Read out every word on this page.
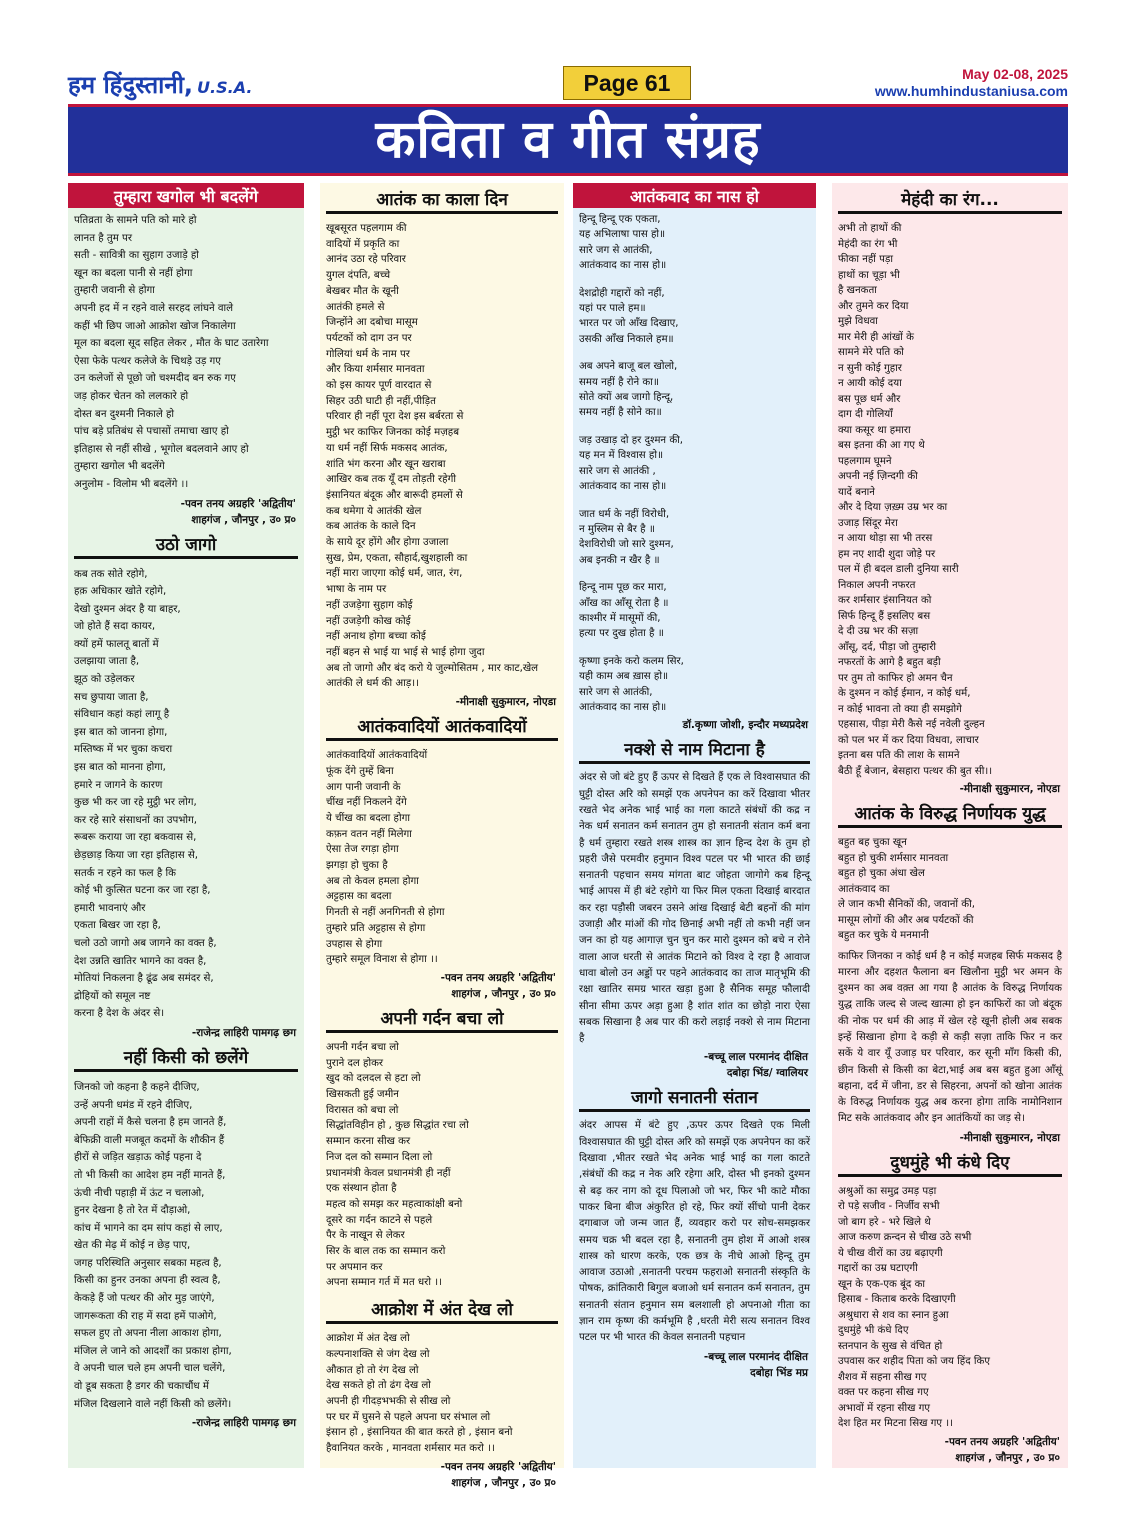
हम हिंदुस्तानी, U.S.A.	Page 61	May 02-08, 2025
www.humhindustaniusa.com
कविता व गीत संग्रह
तुम्हारा खगोल भी बदलेंगे
पतिव्रता के सामने पति को मारे हो
लानत है तुम पर
सती - सावित्री का सुहाग उजाड़े हो
खून का बदला पानी से नहीं होगा
तुम्हारी जवानी से होगा
अपनी हद में न रहने वाले सरहद लांघने वाले
कहीं भी छिप जाओ आक्रोश खोज निकालेगा
मूल का बदला सूद सहित लेकर , मौत के घाट उतारेगा
ऐसा फेके पत्थर कलेजे के चिथड़े उड़ गए
उन कलेजों से पूछो जो चश्मदीद बन रुक गए
जड़ होकर चेतन को ललकारे हो
दोस्त बन दुश्मनी निकाले हो
पांच बड़े प्रतिबंध से पचासों तमाचा खाए हो
इतिहास से नहीं सीखे , भूगोल बदलवाने आए हो
तुम्हारा खगोल भी बदलेंगे
अनुलोम - विलोम भी बदलेंगे ।।
-पवन तनय अग्रहरि 'अद्वितीय'
शाहगंज , जौनपुर , उ० प्र०
उठो जागो
कब तक सोते रहोगे,
हक़ अधिकार खोते रहोगे,
देखो दुश्मन अंदर है या बाहर,
जो होते हैं सदा कायर,
क्यों हमें फालतू बातों में
उलझाया जाता है,
झूठ को उड़ेलकर
सच छुपाया जाता है,
संविधान कहां कहां लागू है
इस बात को जानना होगा,
मस्तिष्क में भर चुका कचरा
इस बात को मानना होगा,
हमारे न जागने के कारण
कुछ भी कर जा रहे मुट्ठी भर लोग,
कर रहे सारे संसाधनों का उपभोग,
रूबरू कराया जा रहा बकवास से,
छेड़छाड़ किया जा रहा इतिहास से,
सतर्क न रहने का फल है कि
कोई भी कुत्सित घटना कर जा रहा है,
हमारी भावनाएं और
एकता बिखर जा रहा है,
चलो उठो जागो अब जागने का वक्त है,
देश उन्नति खातिर भागने का वक्त है,
मोतियां निकलना है ढूंढ अब समंदर से,
द्रोहियों को समूल नष्ट
करना है देश के अंदर से।
-राजेन्द्र लाहिरी पामगढ़ छग
नहीं किसी को छलेंगे
जिनको जो कहना है कहने दीजिए,
उन्हें अपनी धमंड में रहने दीजिए,
अपनी राहों में कैसे चलना है हम जानते हैं,
बेफिक्री वाली मजबूत कदमों के शौकीन हैं
हीरों से जड़ित खड़ाऊ कोई पहना दे
तो भी किसी का आदेश हम नहीं मानते हैं,
ऊंची नीची पहाड़ी में ऊंट न चलाओ,
हुनर देखना है तो रेत में दौड़ाओ,
कांच में भागने का दम सांप कहां से लाए,
खेत की मेढ़ में कोई न छेड़ पाए,
जगह परिस्थिति अनुसार सबका महत्व है,
किसी का हुनर उनका अपना ही स्वत्व है,
केकड़े हैं जो पत्थर की ओर मुड़ जाएंगे,
जागरूकता की राह में सदा हमें पाओगे,
सफल हुए तो अपना नीला आकाश होगा,
मंजिल ले जाने को आदर्शों का प्रकाश होगा,
वे अपनी चाल चले हम अपनी चाल चलेंगे,
वो डूब सकता है डगर की चकाचौंध में
मंजिल दिखलाने वाले नहीं किसी को छलेंगे।
-राजेन्द्र लाहिरी पामगढ़ छग
आतंक का काला दिन
खूबसूरत पहलगाम की
वादियों में प्रकृति का
आनंद उठा रहे परिवार
युगल दंपति, बच्चे
बेखबर मौत के खूनी
आतंकी हमले से
जिन्होंने आ दबोचा मासूम
पर्यटकों को दाग उन पर
गोलियां धर्म के नाम पर
और किया शर्मसार मानवता
को इस कायर पूर्ण वारदात से
सिहर उठी घाटी ही नहीं,पीड़ित
परिवार ही नहीं पूरा देश इस बर्बरता से
मुट्ठी भर काफिर जिनका कोई मज़हब
या धर्म नहीं सिर्फ मकसद आतंक,
शांति भंग करना और खून खराबा
आखिर कब तक यूँ दम तोड़ती रहेगी
इंसानियत बंदूक और बारूदी हमलों से
कब थमेगा ये आतंकी खेल
कब आतंक के काले दिन
के साये दूर होंगे और होगा उजाला
सुख, प्रेम, एकता, सौहार्द,खुशहाली का
नहीं मारा जाएगा कोई धर्म, जात, रंग,
भाषा के नाम पर
नहीं उजड़ेगा सुहाग कोई
नहीं उजड़ेगी कोख कोई
नहीं अनाथ होगा बच्चा कोई
नहीं बहन से भाई या भाई से भाई होगा जुदा
अब तो जागो और बंद करो ये जुल्मोसितम , मार काट,खेल
आतंकी ले धर्म की आड़।।
-मीनाक्षी सुकुमारन, नोएडा
आतंकवादियों आतंकवादियों
आतंकवादियों आतंकवादियों
फूंक देंगे तुम्हें बिना
आग पानी जवानी के
चींख नहीं निकलने देंगे
ये चींख का बदला होगा
कफ़न वतन नहीं मिलेगा
ऐसा तेज रगड़ा होगा
झगड़ा हो चुका है
अब तो केवल हमला होगा
अट्टहास का बदला
गिनती से नहीं अनगिनती से होगा
तुम्हारे प्रति अट्टहास से होगा
उपहास से होगा
तुम्हारे समूल विनाश से होगा ।।
-पवन तनय अग्रहरि 'अद्वितीय'
शाहगंज , जौनपुर , उ० प्र०
अपनी गर्दन बचा लो
अपनी गर्दन बचा लो
पुराने दल होकर
खुद को दलदल से हटा लो
खिसकती हुई जमीन
विरासत को बचा लो
सिद्धांतविहीन हो , कुछ सिद्धांत रचा लो
सम्मान करना सीख कर
निज दल को सम्मान दिला लो
प्रधानमंत्री केवल प्रधानमंत्री ही नहीं
एक संस्थान होता है
महत्व को समझ कर महत्वाकांक्षी बनो
दूसरे का गर्दन काटने से पहले
पैर के नाखून से लेकर
सिर के बाल तक का सम्मान करो
पर अपमान कर
अपना सम्मान गर्त में मत धरो ।।
आक्रोश में अंत देख लो
आक्रोश में अंत देख लो
कल्पनाशक्ति से जंग देख लो
औकात हो तो रंग देख लो
देख सकते हो तो ढंग देख लो
अपनी ही गीदड़भभकी से सीख लो
पर घर में घुसने से पहले अपना घर संभाल लो
इंसान हो , इंसानियत की बात करते हो , इंसान बनो
हैवानियत करके , मानवता शर्मसार मत करो ।।
-पवन तनय अग्रहरि 'अद्वितीय'
शाहगंज , जौनपुर , उ० प्र०
आतंकवाद का नास हो
हिन्दू हिन्दू एक एकता,
यह अभिलाषा पास हो॥
सारे जग से आतंकी,
आतंकवाद का नास हो॥
देशद्रोही गद्दारों को नहीं,
यहां पर पाले हम॥
भारत पर जो आँख दिखाए,
उसकी आँख निकाले हम॥
अब अपने बाजू बल खोलो,
समय नहीं है रोने का॥
सोते क्यों अब जागो हिन्दू,
समय नहीं है सोने का॥
जड़ उखाड़ दो हर दुश्मन की,
यह मन में विश्वास हो॥
सारे जग से आतंकी ,
आतंकवाद का नास हो॥
जात धर्म के नहीं विरोधी,
न मुस्लिम से बैर है ॥
देशविरोधी जो सारे दुश्मन,
अब इनकी न खैर है ॥
हिन्दू नाम पूछ कर मारा,
आँख का आँसू रोता है ॥
काश्मीर में मासूमों की,
हत्या पर दुख होता है ॥
कृष्णा इनके करो कलम सिर,
यही काम अब ख़ास हो॥
सारे जग से आतंकी,
आतंकवाद का नास हो॥
डॉ.कृष्णा जोशी, इन्दौर मध्यप्रदेश
नक्शे से नाम मिटाना है
अंदर से जो बंटे हुए हैं ऊपर से दिखते हैं एक ले विश्वासघात की घुट्टी दोस्त अरि को समझें एक अपनेपन का करें दिखावा भीतर रखते भेद अनेक भाई भाई का गला काटते संबंधों की कद्र न नेक धर्म सनातन कर्म सनातन तुम हो सनातनी संतान कर्म बना है धर्म तुम्हारा रखते शस्त्र शास्त्र का ज्ञान हिन्द देश के तुम हो प्रहरी जैसे परमवीर हनुमान विश्व पटल पर भी भारत की छाई सनातनी पहचान समय मांगता बाट जोहता जागोगे कब हिन्दू भाई आपस में ही बंटे रहोगे या फिर मिल एकता दिखाई बारदात कर रहा पड़ौसी जबरन उसने आंख दिखाई बेटी बहनों की मांग उजाड़ी और मांओं की गोद छिनाई अभी नहीं तो कभी नहीं जन जन का हो यह आगाज़ चुन चुन कर मारो दुश्मन को बचे न रोने वाला आज धरती से आतंक मिटाने को विश्व दे रहा है आवाज धावा बोलो उन अड्डों पर पहने आतंकवाद का ताज मातृभूमि की रक्षा खातिर समग्र भारत खड़ा हुआ है सैनिक समूह फौलादी सीना सीमा ऊपर अड़ा हुआ है शांत शांत का छोड़ो नारा ऐसा सबक सिखाना है अब पार की करो लड़ाई नक्शे से नाम मिटाना है
-बच्चू लाल परमानंद दीक्षित
दबोहा भिंड/ ग्वालियर
जागो सनातनी संतान
अंदर आपस में बंटे हुए ,ऊपर ऊपर दिखते एक मिली विश्वासघात की घुट्टी दोस्त अरि को समझें एक अपनेपन का करें दिखावा ,भीतर रखते भेद अनेक भाई भाई का गला काटते ,संबंधों की कद्र न नेक अरि रहेगा अरि, दोस्त भी इनको दुश्मन से बढ़ कर नाग को दूध पिलाओ जो भर, फिर भी काटे मौका पाकर बिना बीज अंकुरित हो रहे, फिर क्यों सींचो पानी देकर दगाबाज जो जन्म जात हैं, व्यवहार करो पर सोच-समझकर समय चक्र भी बदल रहा है, सनातनी तुम होश में आओ शस्त्र शास्त्र को धारण करके, एक छत्र के नीचे आओ हिन्दू तुम आवाज उठाओ ,सनातनी परचम फहराओ सनातनी संस्कृति के पोषक, क्रांतिकारी बिगुल बजाओ धर्म सनातन कर्म सनातन, तुम सनातनी संतान हनुमान सम बलशाली हो अपनाओ गीता का ज्ञान राम कृष्ण की कर्मभूमि है ,धरती मेरी सत्य सनातन विश्व पटल पर भी भारत की केवल सनातनी पहचान
-बच्चू लाल परमानंद दीक्षित
दबोहा भिंड मप्र
मेहंदी का रंग...
अभी तो हाथों की
मेहंदी का रंग भी
फीका नहीं पड़ा
हाथों का चूड़ा भी
है खनकता
और तुमने कर दिया
मुझे विधवा
मार मेरी ही आंखों के
सामने मेरे पति को
न सुनी कोई गुहार
न आयी कोई दया
बस पूछ धर्म और
दाग दी गोलियाँ
क्या कसूर था हमारा
बस इतना की आ गए थे
पहलगाम घूमने
अपनी नई ज़िन्दगी की
यादें बनाने
और दे दिया ज़ख़्म उम्र भर का
उजाड़ सिंदूर मेरा
न आया थोड़ा सा भी तरस
हम नए शादी शुदा जोड़े पर
पल में ही बदल डाली दुनिया सारी
निकाल अपनी नफरत
कर शर्मसार इंसानियत को
सिर्फ हिन्दू हैं इसलिए बस
दे दी उम्र भर की सज़ा
आँसू, दर्द, पीड़ा जो तुम्हारी
नफरतों के आगे है बहुत बड़ी
पर तुम तो काफिर हो अमन चैन
के दुश्मन न कोई ईमान, न कोई धर्म,
न कोई भावना तो क्या ही समझोगे
एहसास, पीड़ा मेरी कैसे नई नवेली दुल्हन
को पल भर में कर दिया विधवा, लाचार
इतना बस पति की लाश के सामने
बैठी हूँ बेजान, बेसहारा पत्थर की बुत सी।।
-मीनाक्षी सुकुमारन, नोएडा
आतंक के विरुद्ध निर्णायक युद्ध
बहुत बह चुका खून
बहुत हो चुकी शर्मसार मानवता
बहुत हो चुका अंधा खेल
आतंकवाद का
ले जान कभी सैनिकों की, जवानों की,
मासूम लोगों की और अब पर्यटकों की
बहुत कर चुके ये मनमानी
काफिर जिनका न कोई धर्म है न कोई मजहब सिर्फ मकसद है मारना और दहशत फैलाना बन खिलौना मुट्ठी भर अमन के दुश्मन का अब वक़्त आ गया है आतंक के विरुद्ध निर्णायक युद्ध ताकि जल्द से जल्द खात्मा हो इन काफिरों का जो बंदूक की नोक पर धर्म की आड़ में खेल रहे खूनी होली अब सबक इन्हें सिखाना होगा दे कड़ी से कड़ी सज़ा ताकि फिर न कर सकें ये वार यूँ उजाड़ घर परिवार, कर सूनी माँग किसी की, छीन किसी से किसी का बेटा,भाई अब बस बहुत हुआ आँसूं बहाना, दर्द में जीना, डर से सिहरना, अपनों को खोना आतंक के विरुद्ध निर्णायक युद्ध अब करना होगा ताकि नामोनिशान मिट सके आतंकवाद और इन आतंकियों का जड़ से।
-मीनाक्षी सुकुमारन, नोएडा
दुधमुंहे भी कंधे दिए
अश्रुओं का समुद्र उमड़ पड़ा
रो पड़े सजीव - निर्जीव सभी
जो बाग हरे - भरे खिले थे
आज करुण क्रन्दन से चीख उठे सभी
ये चीख वीरों का उग्र बढ़ाएगी
गद्दारों का उम्र घटाएगी
खून के एक-एक बूंद का
हिसाब - किताब करके दिखाएगी
अश्रुधारा से शव का स्नान हुआ
दुधमुंहे भी कंधे दिए
स्तनपान के सुख से वंचित हो
उपवास कर शहीद पिता को जय हिंद किए
शैशव में सहना सीख गए
वक्त पर कहना सीख गए
अभावों में रहना सीख गए
देश हित मर मिटना सिख गए ।।
-पवन तनय अग्रहरि 'अद्वितीय'
शाहगंज , जौनपुर , उ० प्र०
